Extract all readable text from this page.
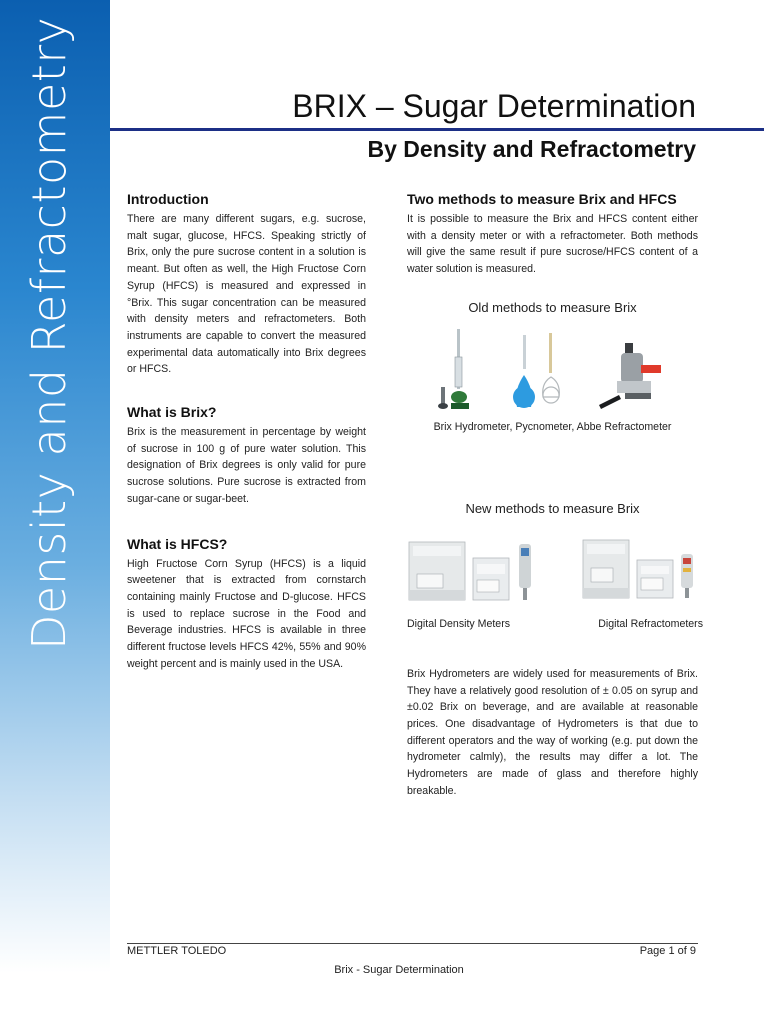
Density and Refractometry	BRIX – Sugar Determination
By Density and Refractometry
Introduction

There are many different sugars, e.g. sucrose, malt sugar, glucose, HFCS. Speaking strictly of Brix, only the pure sucrose content in a solution is meant. But often as well, the High Fructose Corn Syrup (HFCS) is measured and expressed in °Brix. This sugar concentration can be measured with density meters and refractometers. Both instruments are capable to convert the measured experimental data automatically into Brix degrees or HFCS.

What is Brix?

Brix is the measurement in percentage by weight of sucrose in 100 g of pure water solution. This designation of Brix degrees is only valid for pure sucrose solutions. Pure sucrose is extracted from sugar-cane or sugar-beet.

What is HFCS?

High Fructose Corn Syrup (HFCS) is a liquid sweetener that is extracted from cornstarch containing mainly Fructose and D-glucose. HFCS is used to replace sucrose in the Food and Beverage industries. HFCS is available in three different fructose levels HFCS 42%, 55% and 90% weight percent and is mainly used in the USA.

Two methods to measure Brix and HFCS

It is possible to measure the Brix and HFCS content either with a density meter or with a refractometer. Both methods will give the same result if pure sucrose/HFCS content of a water solution is measured.

Old methods to measure Brix
Brix Hydrometer, Pycnometer, Abbe Refractometer
New methods to measure Brix
Digital Density Meters	Digital Refractometers

Brix Hydrometers are widely used for measurements of Brix. They have a relatively good resolution of ± 0.05 on syrup and ±0.02 Brix on beverage, and are available at reasonable prices. One disadvantage of Hydrometers is that due to different operators and the way of working (e.g. put down the hydrometer calmly), the results may differ a lot. The Hydrometers are made of glass and therefore highly breakable.

METTLER TOLEDO	Page 1 of 9
Brix - Sugar Determination
